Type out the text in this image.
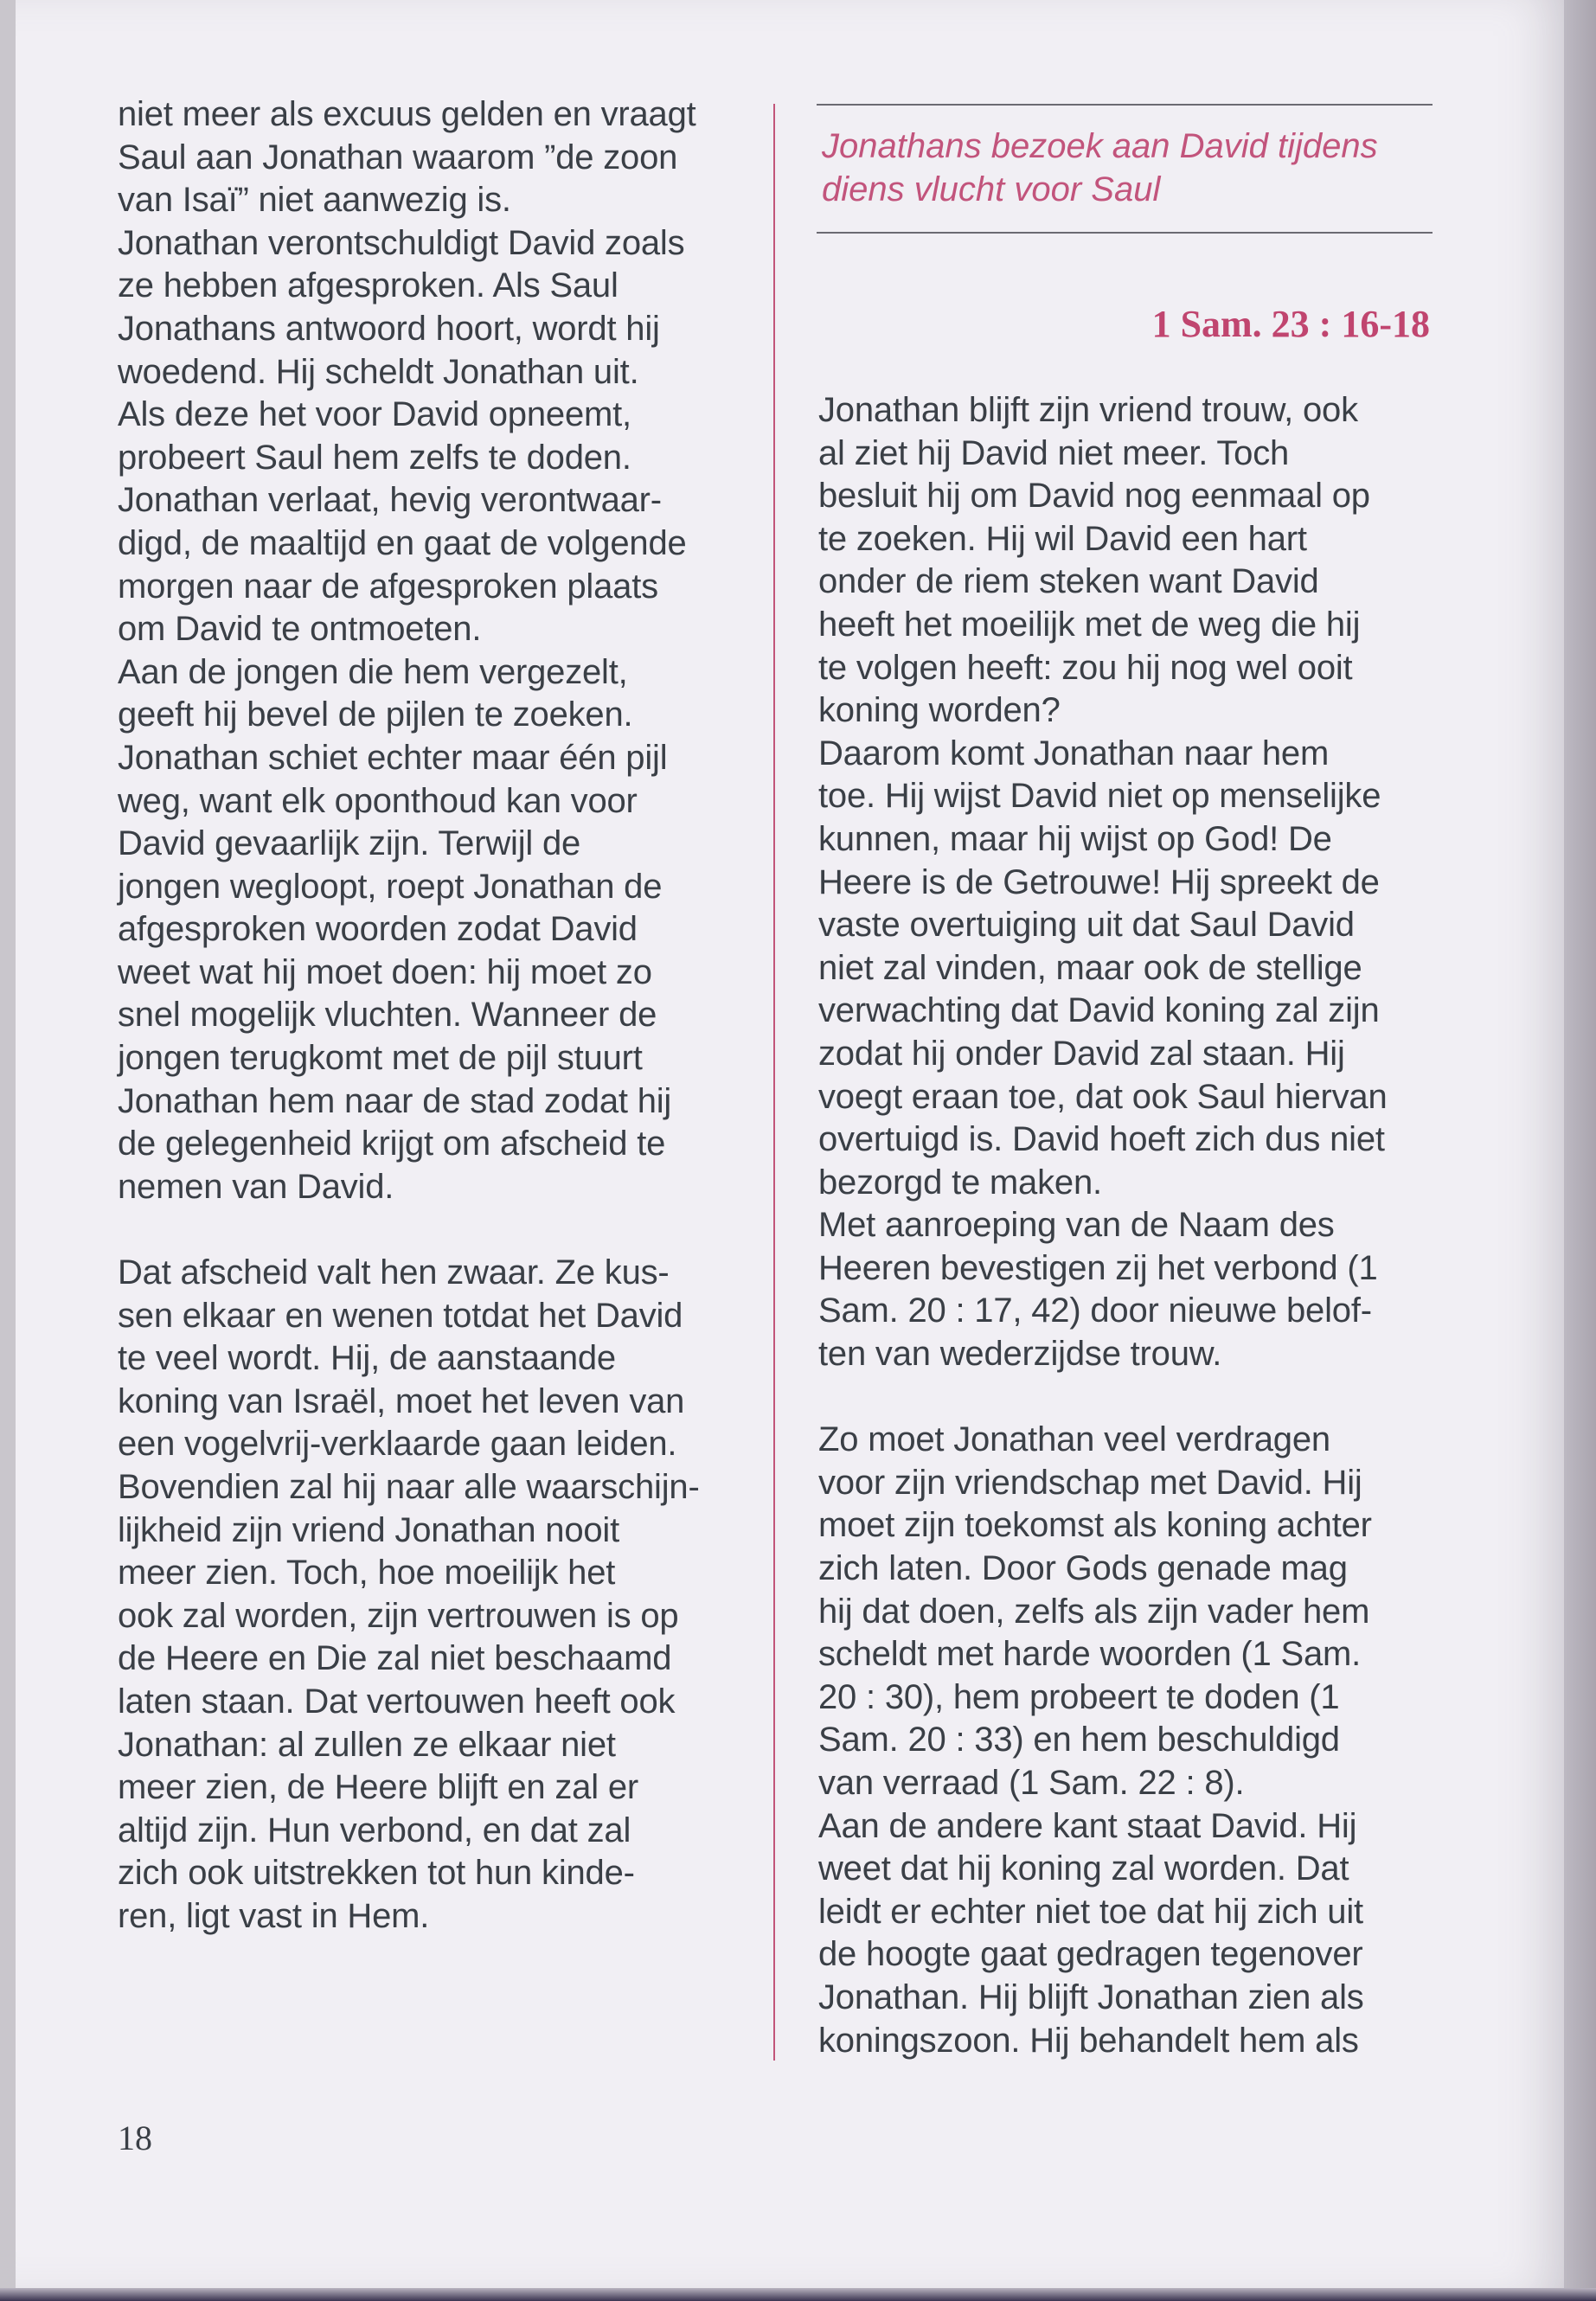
niet meer als excuus gelden en vraagt

Saul aan Jonathan waarom ”de zoon

van Isaï” niet aanwezig is.

Jonathan verontschuldigt David zoals

ze hebben afgesproken. Als Saul

Jonathans antwoord hoort, wordt hij

woedend. Hij scheldt Jonathan uit.

Als deze het voor David opneemt,

probeert Saul hem zelfs te doden.

Jonathan verlaat, hevig verontwaar-

digd, de maaltijd en gaat de volgende

morgen naar de afgesproken plaats

om David te ontmoeten.

Aan de jongen die hem vergezelt,

geeft hij bevel de pijlen te zoeken.

Jonathan schiet echter maar één pijl

weg, want elk oponthoud kan voor

David gevaarlijk zijn. Terwijl de

jongen wegloopt, roept Jonathan de

afgesproken woorden zodat David

weet wat hij moet doen: hij moet zo

snel mogelijk vluchten. Wanneer de

jongen terugkomt met de pijl stuurt

Jonathan hem naar de stad zodat hij

de gelegenheid krijgt om afscheid te

nemen van David.

Dat afscheid valt hen zwaar. Ze kus-

sen elkaar en wenen totdat het David

te veel wordt. Hij, de aanstaande

koning van Israël, moet het leven van

een vogelvrij-verklaarde gaan leiden.

Bovendien zal hij naar alle waarschijn-

lijkheid zijn vriend Jonathan nooit

meer zien. Toch, hoe moeilijk het

ook zal worden, zijn vertrouwen is op

de Heere en Die zal niet beschaamd

laten staan. Dat vertouwen heeft ook

Jonathan: al zullen ze elkaar niet

meer zien, de Heere blijft en zal er

altijd zijn. Hun verbond, en dat zal

zich ook uitstrekken tot hun kinde-

ren, ligt vast in Hem.

Jonathans bezoek aan David tijdens
diens vlucht voor Saul
1 Sam. 23 : 16-18

Jonathan blijft zijn vriend trouw, ook

al ziet hij David niet meer. Toch

besluit hij om David nog eenmaal op

te zoeken. Hij wil David een hart

onder de riem steken want David

heeft het moeilijk met de weg die hij

te volgen heeft: zou hij nog wel ooit

koning worden?

Daarom komt Jonathan naar hem

toe. Hij wijst David niet op menselijke

kunnen, maar hij wijst op God! De

Heere is de Getrouwe! Hij spreekt de

vaste overtuiging uit dat Saul David

niet zal vinden, maar ook de stellige

verwachting dat David koning zal zijn

zodat hij onder David zal staan. Hij

voegt eraan toe, dat ook Saul hiervan

overtuigd is. David hoeft zich dus niet

bezorgd te maken.

Met aanroeping van de Naam des

Heeren bevestigen zij het verbond (1

Sam. 20 : 17, 42) door nieuwe belof-

ten van wederzijdse trouw.

Zo moet Jonathan veel verdragen

voor zijn vriendschap met David. Hij

moet zijn toekomst als koning achter

zich laten. Door Gods genade mag

hij dat doen, zelfs als zijn vader hem

scheldt met harde woorden (1 Sam.

20 : 30), hem probeert te doden (1

Sam. 20 : 33) en hem beschuldigd

van verraad (1 Sam. 22 : 8).

Aan de andere kant staat David. Hij

weet dat hij koning zal worden. Dat

leidt er echter niet toe dat hij zich uit

de hoogte gaat gedragen tegenover

Jonathan. Hij blijft Jonathan zien als

koningszoon. Hij behandelt hem als

18
